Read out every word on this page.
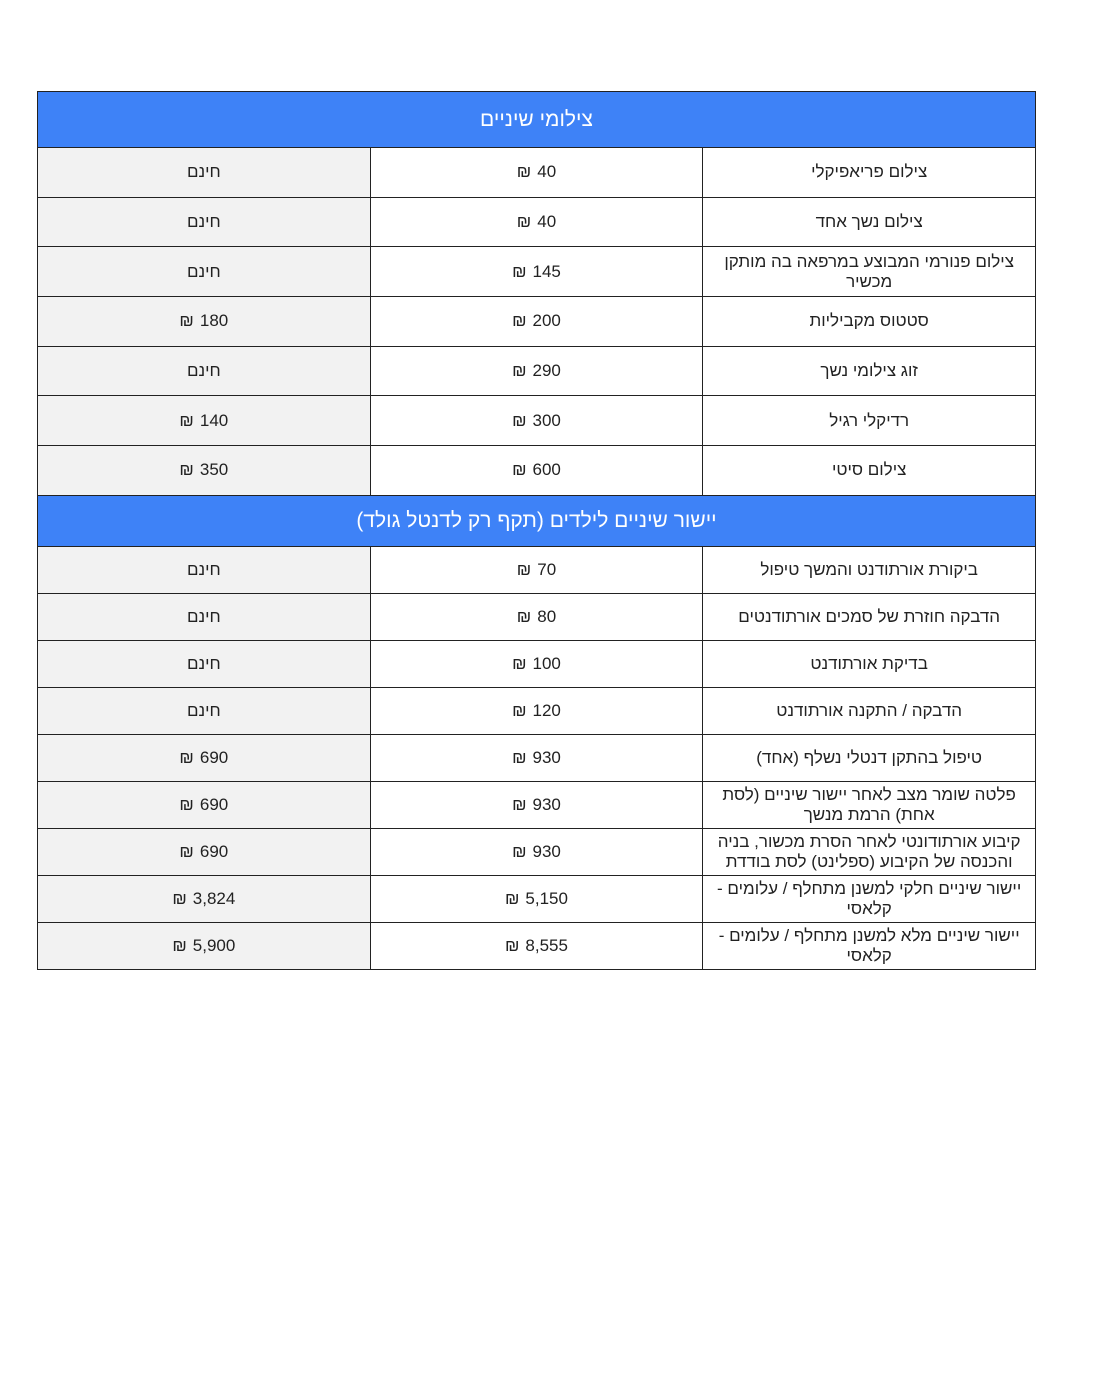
צילומי שיניים		
חינם	₪ 40	צילום פריאפיקלי
חינם	₪ 40	צילום נשך אחד
חינם	₪ 145	צילום פנורמי המבוצע במרפאה בה מותקן מכשיר
₪ 180	₪ 200	סטטוס מקביליות
חינם	₪ 290	זוג צילומי נשך
₪ 140	₪ 300	רדיקלי רגיל
₪ 350	₪ 600	צילום סיטי
יישור שיניים לילדים (תקף רק לדנטל גולד)		
חינם	₪ 70	ביקורת אורתודנט והמשך טיפול
חינם	₪ 80	הדבקה חוזרת של סמכים אורתודנטים
חינם	₪ 100	בדיקת אורתודנט
חינם	₪ 120	הדבקה / התקנה אורתודנט
₪ 690	₪ 930	טיפול בהתקן דנטלי נשלף (אחד)
₪ 690	₪ 930	פלטה שומר מצב לאחר יישור שיניים (לסת אחת) הרמת מנשך
₪ 690	₪ 930	קיבוע אורתודונטי לאחר הסרת מכשור, בניה והכנסה של הקיבוע (ספלינט) לסת בודדת
₪ 3,824	₪ 5,150	יישור שיניים חלקי למשנן מתחלף / עלומים - קלאסי
₪ 5,900	₪ 8,555	יישור שיניים מלא למשנן מתחלף / עלומים - קלאסי
